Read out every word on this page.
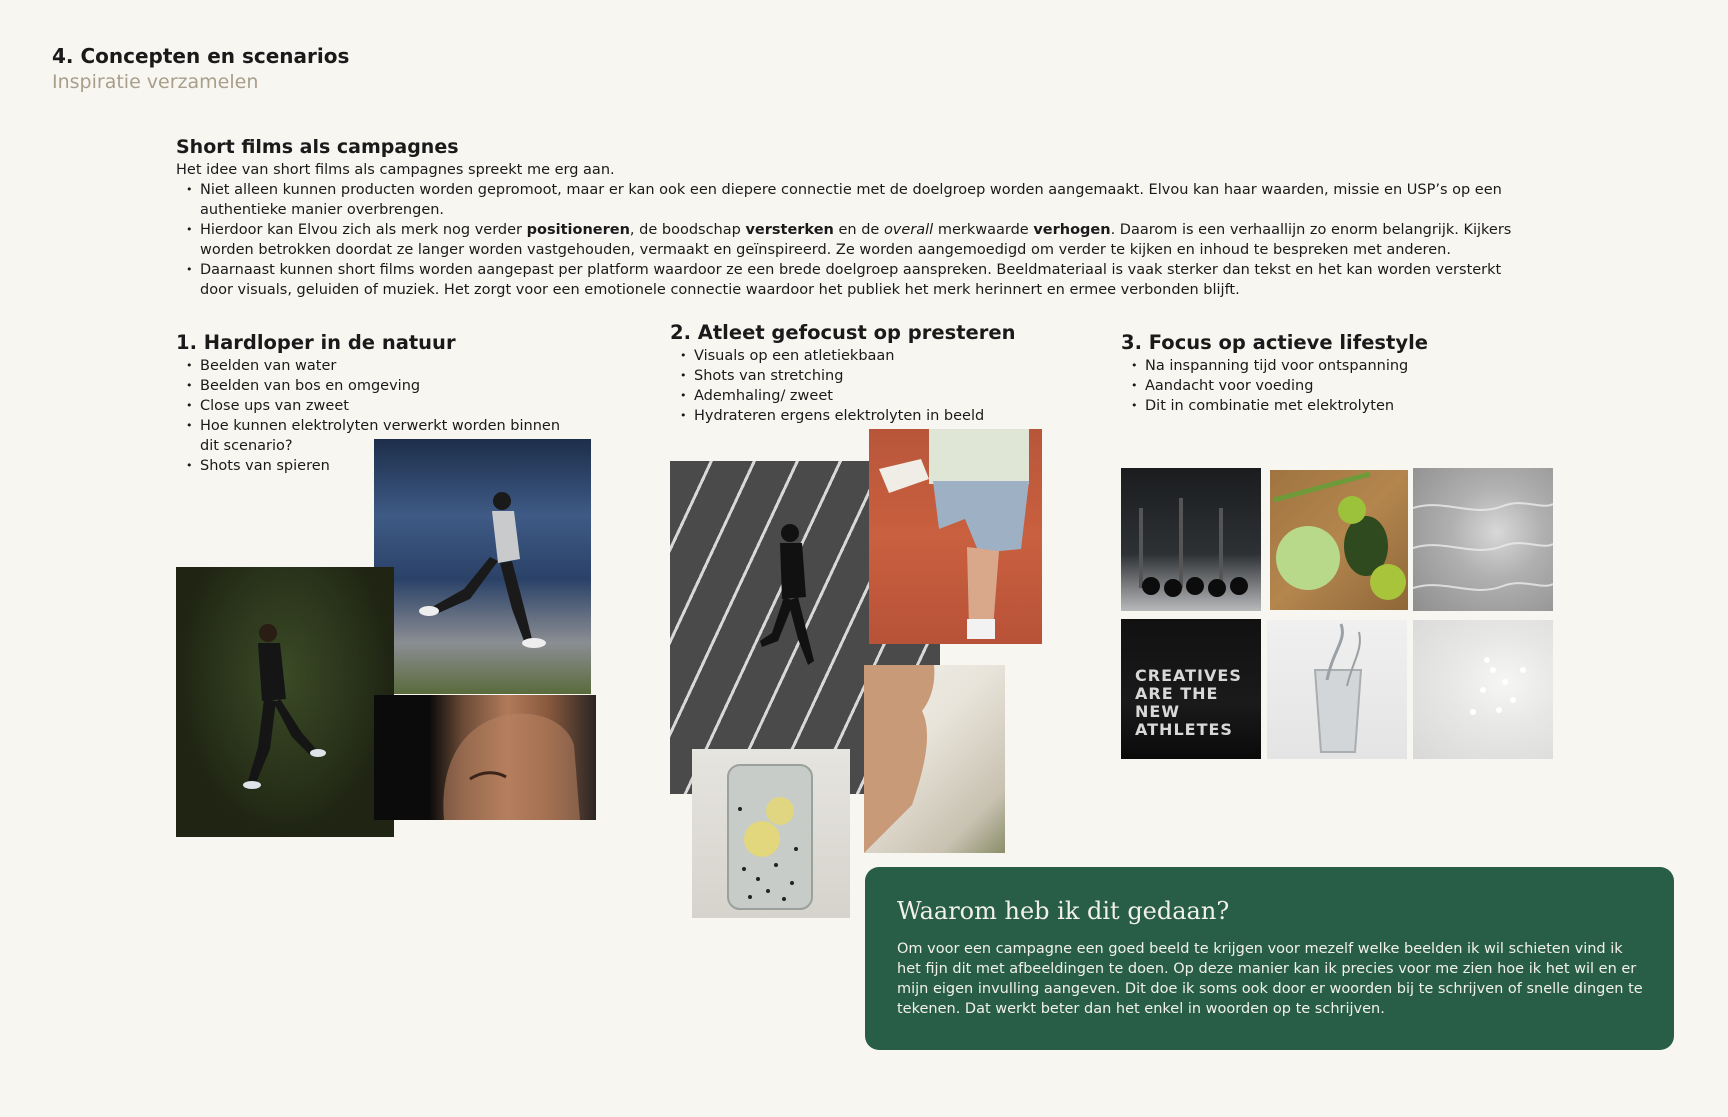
4. Concepten en scenarios
Inspiratie verzamelen
Short films als campagnes

Het idee van short films als campagnes spreekt me erg aan.

• Niet alleen kunnen producten worden gepromoot, maar er kan ook een diepere connectie met de doelgroep worden aangemaakt. Elvou kan haar waarden, missie en USP’s op een authentieke manier overbrengen.
• Hierdoor kan Elvou zich als merk nog verder positioneren, de boodschap versterken en de overall merkwaarde verhogen. Daarom is een verhaallijn zo enorm belangrijk. Kijkers worden betrokken doordat ze langer worden vastgehouden, vermaakt en geïnspireerd. Ze worden aangemoedigd om verder te kijken en inhoud te bespreken met anderen.
• Daarnaast kunnen short films worden aangepast per platform waardoor ze een brede doelgroep aanspreken. Beeldmateriaal is vaak sterker dan tekst en het kan worden versterkt door visuals, geluiden of muziek. Het zorgt voor een emotionele connectie waardoor het publiek het merk herinnert en ermee verbonden blijft.
1. Hardloper in de natuur
• Beelden van water
• Beelden van bos en omgeving
• Close ups van zweet
• Hoe kunnen elektrolyten verwerkt worden binnen dit scenario?
• Shots van spieren
2. Atleet gefocust op presteren
• Visuals op een atletiekbaan
• Shots van stretching
• Ademhaling/ zweet
• Hydrateren ergens elektrolyten in beeld
3. Focus op actieve lifestyle
• Na inspanning tijd voor ontspanning
• Aandacht voor voeding
• Dit in combinatie met elektrolyten
CREATIVES ARE THE NEW ATHLETES
Waarom heb ik dit gedaan?

Om voor een campagne een goed beeld te krijgen voor mezelf welke beelden ik wil schieten vind ik het fijn dit met afbeeldingen te doen. Op deze manier kan ik precies voor me zien hoe ik het wil en er mijn eigen invulling aangeven. Dit doe ik soms ook door er woorden bij te schrijven of snelle dingen te tekenen. Dat werkt beter dan het enkel in woorden op te schrijven.
